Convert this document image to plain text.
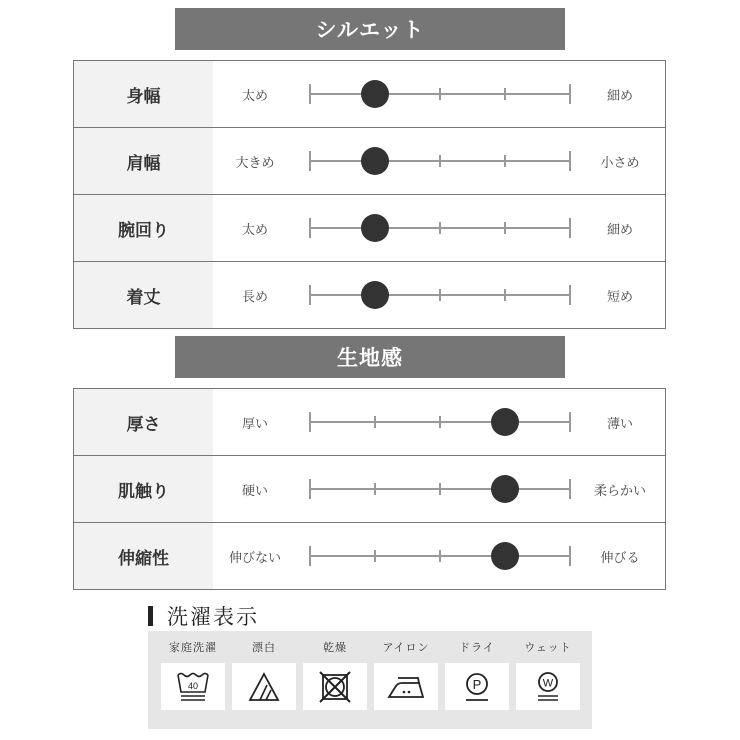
シルエット
身幅	太め	細め
肩幅	大きめ	小さめ
腕回り	太め	細め
着丈	長め	短め
生地感
厚さ	厚い	薄い
肌触り	硬い	柔らかい
伸縮性	伸びない	伸びる
洗濯表示
家庭洗濯
40
漂白	乾燥	アイロン	ドライ
P
ウェット
W
